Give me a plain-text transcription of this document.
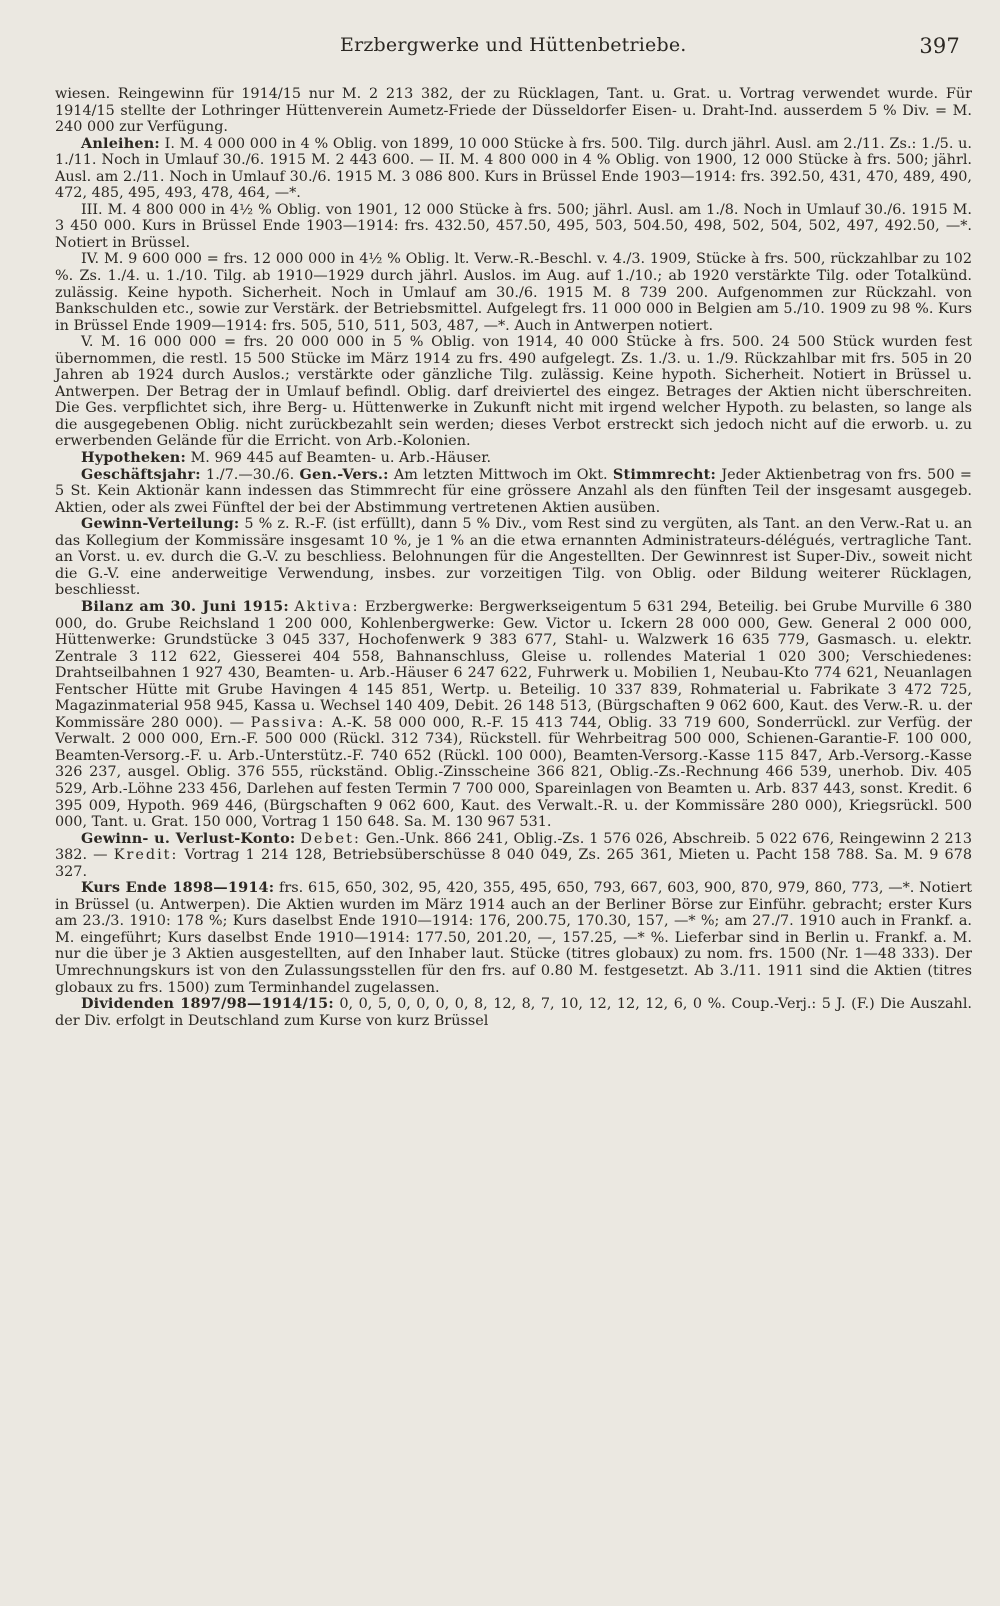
Erzbergwerke und Hüttenbetriebe.	397

wiesen. Reingewinn für 1914/15 nur M. 2 213 382, der zu Rücklagen, Tant. u. Grat. u. Vortrag verwendet wurde. Für 1914/15 stellte der Lothringer Hüttenverein Aumetz-Friede der Düsseldorfer Eisen- u. Draht-Ind. ausserdem 5 % Div. = M. 240 000 zur Verfügung.

Anleihen: I. M. 4 000 000 in 4 % Oblig. von 1899, 10 000 Stücke à frs. 500. Tilg. durch jährl. Ausl. am 2./11. Zs.: 1./5. u. 1./11. Noch in Umlauf 30./6. 1915 M. 2 443 600. — II. M. 4 800 000 in 4 % Oblig. von 1900, 12 000 Stücke à frs. 500; jährl. Ausl. am 2./11. Noch in Umlauf 30./6. 1915 M. 3 086 800. Kurs in Brüssel Ende 1903—1914: frs. 392.50, 431, 470, 489, 490, 472, 485, 495, 493, 478, 464, —*.

III. M. 4 800 000 in 4½ % Oblig. von 1901, 12 000 Stücke à frs. 500; jährl. Ausl. am 1./8. Noch in Umlauf 30./6. 1915 M. 3 450 000. Kurs in Brüssel Ende 1903—1914: frs. 432.50, 457.50, 495, 503, 504.50, 498, 502, 504, 502, 497, 492.50, —*. Notiert in Brüssel.

IV. M. 9 600 000 = frs. 12 000 000 in 4½ % Oblig. lt. Verw.-R.-Beschl. v. 4./3. 1909, Stücke à frs. 500, rückzahlbar zu 102 %. Zs. 1./4. u. 1./10. Tilg. ab 1910—1929 durch jährl. Auslos. im Aug. auf 1./10.; ab 1920 verstärkte Tilg. oder Totalkünd. zulässig. Keine hypoth. Sicherheit. Noch in Umlauf am 30./6. 1915 M. 8 739 200. Aufgenommen zur Rückzahl. von Bankschulden etc., sowie zur Verstärk. der Betriebsmittel. Aufgelegt frs. 11 000 000 in Belgien am 5./10. 1909 zu 98 %. Kurs in Brüssel Ende 1909—1914: frs. 505, 510, 511, 503, 487, —*. Auch in Antwerpen notiert.

V. M. 16 000 000 = frs. 20 000 000 in 5 % Oblig. von 1914, 40 000 Stücke à frs. 500. 24 500 Stück wurden fest übernommen, die restl. 15 500 Stücke im März 1914 zu frs. 490 aufgelegt. Zs. 1./3. u. 1./9. Rückzahlbar mit frs. 505 in 20 Jahren ab 1924 durch Auslos.; verstärkte oder gänzliche Tilg. zulässig. Keine hypoth. Sicherheit. Notiert in Brüssel u. Antwerpen. Der Betrag der in Umlauf befindl. Oblig. darf dreiviertel des eingez. Betrages der Aktien nicht überschreiten. Die Ges. verpflichtet sich, ihre Berg- u. Hüttenwerke in Zukunft nicht mit irgend welcher Hypoth. zu belasten, so lange als die ausgegebenen Oblig. nicht zurückbezahlt sein werden; dieses Verbot erstreckt sich jedoch nicht auf die erworb. u. zu erwerbenden Gelände für die Erricht. von Arb.-Kolonien.

Hypotheken: M. 969 445 auf Beamten- u. Arb.-Häuser.

Geschäftsjahr: 1./7.—30./6. Gen.-Vers.: Am letzten Mittwoch im Okt. Stimmrecht: Jeder Aktienbetrag von frs. 500 = 5 St. Kein Aktionär kann indessen das Stimmrecht für eine grössere Anzahl als den fünften Teil der insgesamt ausgegeb. Aktien, oder als zwei Fünftel der bei der Abstimmung vertretenen Aktien ausüben.

Gewinn-Verteilung: 5 % z. R.-F. (ist erfüllt), dann 5 % Div., vom Rest sind zu vergüten, als Tant. an den Verw.-Rat u. an das Kollegium der Kommissäre insgesamt 10 %, je 1 % an die etwa ernannten Administrateurs-délégués, vertragliche Tant. an Vorst. u. ev. durch die G.-V. zu beschliess. Belohnungen für die Angestellten. Der Gewinnrest ist Super-Div., soweit nicht die G.-V. eine anderweitige Verwendung, insbes. zur vorzeitigen Tilg. von Oblig. oder Bildung weiterer Rücklagen, beschliesst.

Bilanz am 30. Juni 1915: Aktiva: Erzbergwerke: Bergwerkseigentum 5 631 294, Beteilig. bei Grube Murville 6 380 000, do. Grube Reichsland 1 200 000, Kohlenbergwerke: Gew. Victor u. Ickern 28 000 000, Gew. General 2 000 000, Hüttenwerke: Grundstücke 3 045 337, Hochofenwerk 9 383 677, Stahl- u. Walzwerk 16 635 779, Gasmasch. u. elektr. Zentrale 3 112 622, Giesserei 404 558, Bahnanschluss, Gleise u. rollendes Material 1 020 300; Verschiedenes: Drahtseilbahnen 1 927 430, Beamten- u. Arb.-Häuser 6 247 622, Fuhrwerk u. Mobilien 1, Neubau-Kto 774 621, Neuanlagen Fentscher Hütte mit Grube Havingen 4 145 851, Wertp. u. Beteilig. 10 337 839, Rohmaterial u. Fabrikate 3 472 725, Magazinmaterial 958 945, Kassa u. Wechsel 140 409, Debit. 26 148 513, (Bürgschaften 9 062 600, Kaut. des Verw.-R. u. der Kommissäre 280 000). — Passiva: A.-K. 58 000 000, R.-F. 15 413 744, Oblig. 33 719 600, Sonderrückl. zur Verfüg. der Verwalt. 2 000 000, Ern.-F. 500 000 (Rückl. 312 734), Rückstell. für Wehrbeitrag 500 000, Schienen-Garantie-F. 100 000, Beamten-Versorg.-F. u. Arb.-Unterstütz.-F. 740 652 (Rückl. 100 000), Beamten-Versorg.-Kasse 115 847, Arb.-Versorg.-Kasse 326 237, ausgel. Oblig. 376 555, rückständ. Oblig.-Zinsscheine 366 821, Oblig.-Zs.-Rechnung 466 539, unerhob. Div. 405 529, Arb.-Löhne 233 456, Darlehen auf festen Termin 7 700 000, Spareinlagen von Beamten u. Arb. 837 443, sonst. Kredit. 6 395 009, Hypoth. 969 446, (Bürgschaften 9 062 600, Kaut. des Verwalt.-R. u. der Kommissäre 280 000), Kriegsrückl. 500 000, Tant. u. Grat. 150 000, Vortrag 1 150 648. Sa. M. 130 967 531.

Gewinn- u. Verlust-Konto: Debet: Gen.-Unk. 866 241, Oblig.-Zs. 1 576 026, Abschreib. 5 022 676, Reingewinn 2 213 382. — Kredit: Vortrag 1 214 128, Betriebsüberschüsse 8 040 049, Zs. 265 361, Mieten u. Pacht 158 788. Sa. M. 9 678 327.

Kurs Ende 1898—1914: frs. 615, 650, 302, 95, 420, 355, 495, 650, 793, 667, 603, 900, 870, 979, 860, 773, —*. Notiert in Brüssel (u. Antwerpen). Die Aktien wurden im März 1914 auch an der Berliner Börse zur Einführ. gebracht; erster Kurs am 23./3. 1910: 178 %; Kurs daselbst Ende 1910—1914: 176, 200.75, 170.30, 157, —* %; am 27./7. 1910 auch in Frankf. a. M. eingeführt; Kurs daselbst Ende 1910—1914: 177.50, 201.20, —, 157.25, —* %. Lieferbar sind in Berlin u. Frankf. a. M. nur die über je 3 Aktien ausgestellten, auf den Inhaber laut. Stücke (titres globaux) zu nom. frs. 1500 (Nr. 1—48 333). Der Umrechnungskurs ist von den Zulassungsstellen für den frs. auf 0.80 M. festgesetzt. Ab 3./11. 1911 sind die Aktien (titres globaux zu frs. 1500) zum Terminhandel zugelassen.

Dividenden 1897/98—1914/15: 0, 0, 5, 0, 0, 0, 0, 8, 12, 8, 7, 10, 12, 12, 12, 6, 0 %. Coup.-Verj.: 5 J. (F.) Die Auszahl. der Div. erfolgt in Deutschland zum Kurse von kurz Brüssel
